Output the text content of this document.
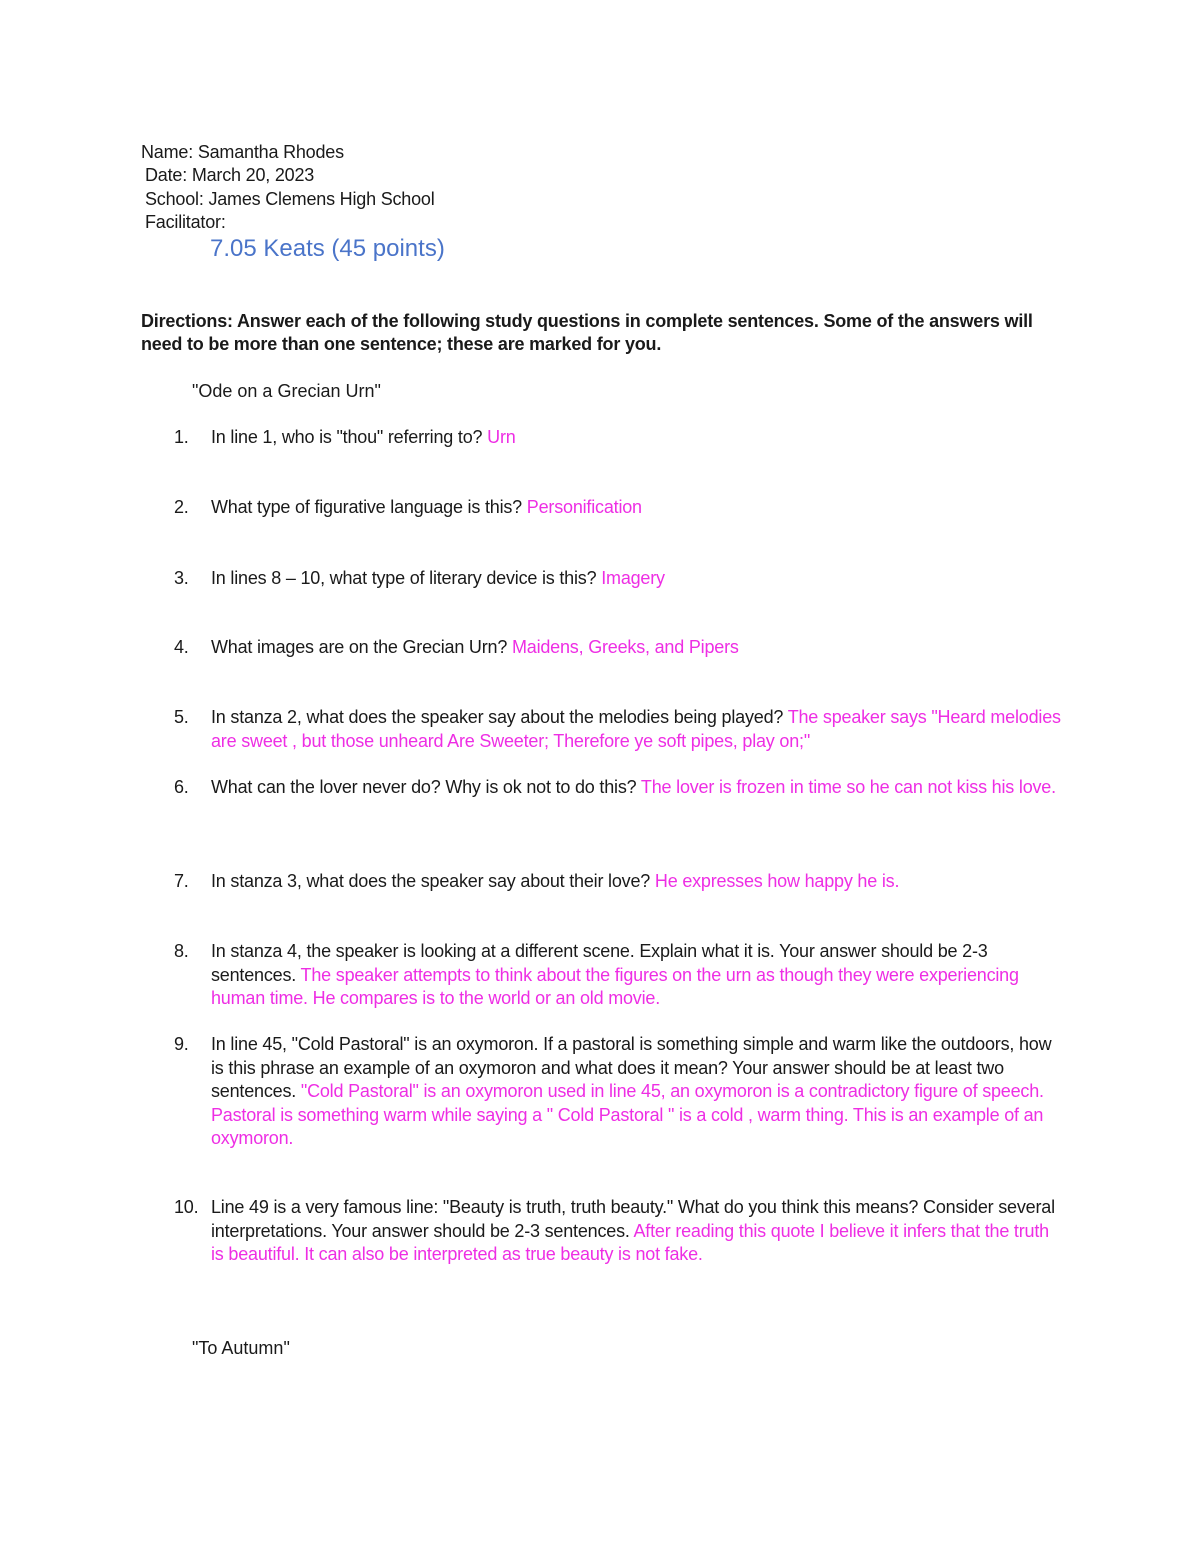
Name: Samantha Rhodes
Date: March 20, 2023
School: James Clemens High School
Facilitator:
7.05 Keats (45 points)
Directions: Answer each of the following study questions in complete sentences. Some of the answers will need to be more than one sentence; these are marked for you.
"Ode on a Grecian Urn"
1.	In line 1, who is "thou" referring to? Urn
2.	What type of figurative language is this? Personification
3.	In lines 8 – 10, what type of literary device is this? Imagery
4.	What images are on the Grecian Urn? Maidens, Greeks, and Pipers
5.	In stanza 2, what does the speaker say about the melodies being played? The speaker says "Heard melodies are sweet , but those unheard Are Sweeter; Therefore ye soft pipes, play on;"
6.	What can the lover never do? Why is ok not to do this? The lover is frozen in time so he can not kiss his love.
7.	In stanza 3, what does the speaker say about their love? He expresses how happy he is.
8.	In stanza 4, the speaker is looking at a different scene. Explain what it is. Your answer should be 2-3 sentences. The speaker attempts to think about the figures on the urn as though they were experiencing human time. He compares is to the world or an old movie.
9.	In line 45, "Cold Pastoral" is an oxymoron. If a pastoral is something simple and warm like the outdoors, how is this phrase an example of an oxymoron and what does it mean? Your answer should be at least two sentences. "Cold Pastoral" is an oxymoron used in line 45, an oxymoron is a contradictory figure of speech. Pastoral is something warm while saying a " Cold Pastoral " is a cold , warm thing. This is an example of an oxymoron.
10. Line 49 is a very famous line: "Beauty is truth, truth beauty." What do you think this means? Consider several interpretations. Your answer should be 2-3 sentences. After reading this quote I believe it infers that the truth is beautiful. It can also be interpreted as true beauty is not fake.
"To Autumn"
